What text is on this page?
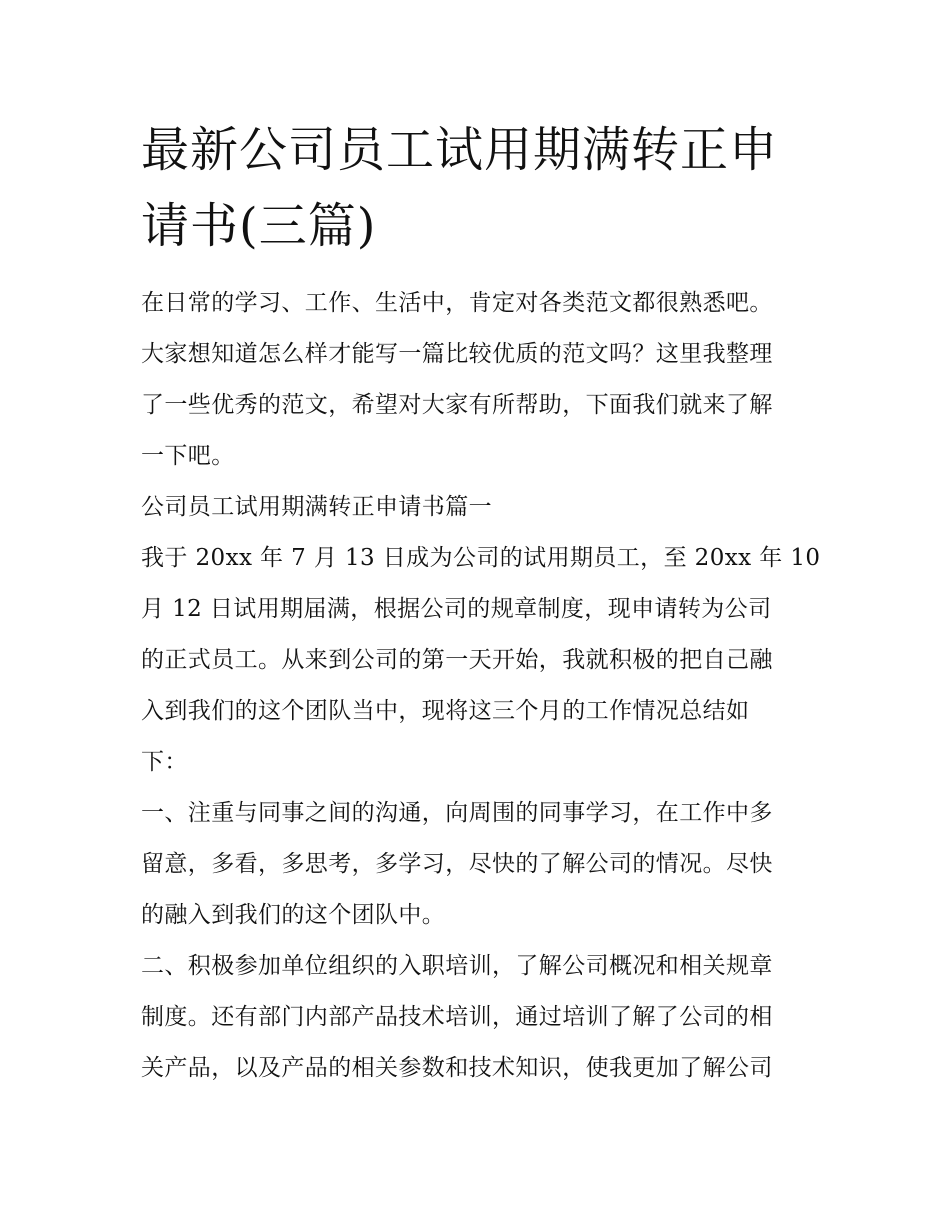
最新公司员工试用期满转正申
请书(三篇)

在日常的学习、工作、生活中，肯定对各类范文都很熟悉吧。
大家想知道怎么样才能写一篇比较优质的范文吗？这里我整理
了一些优秀的范文，希望对大家有所帮助，下面我们就来了解
一下吧。

公司员工试用期满转正申请书篇一

我于 20xx 年 7 月 13 日成为公司的试用期员工，至 20xx 年 10
月 12 日试用期届满，根据公司的规章制度，现申请转为公司
的正式员工。从来到公司的第一天开始，我就积极的把自己融
入到我们的这个团队当中，现将这三个月的工作情况总结如
下：

一、注重与同事之间的沟通，向周围的同事学习，在工作中多
留意，多看，多思考，多学习，尽快的了解公司的情况。尽快
的融入到我们的这个团队中。

二、积极参加单位组织的入职培训，了解公司概况和相关规章
制度。还有部门内部产品技术培训，通过培训了解了公司的相
关产品，以及产品的相关参数和技术知识，使我更加了解公司
